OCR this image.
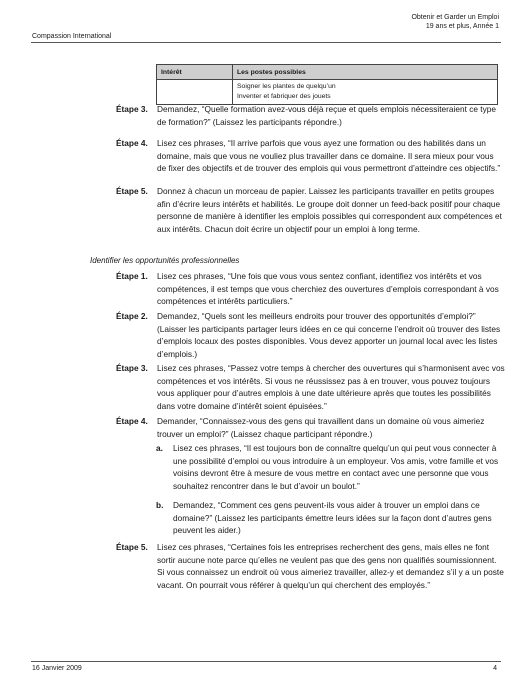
Compassion International
Obtenir et Garder un Emploi
19 ans et plus, Année 1
Intérêt	Les postes possibles

	Soigner les plantes de quelqu’un
Inventer et fabriquer des jouets
Étape 3. Demandez, “Quelle formation avez-vous déjà reçue et quels emplois nécessiteraient ce type de formation?” (Laissez les participants répondre.)
Étape 4. Lisez ces phrases, “Il arrive parfois que vous ayez une formation ou des habilités dans un domaine, mais que vous ne vouliez plus travailler dans ce domaine. Il sera mieux pour vous de fixer des objectifs et de trouver des emplois qui vous permettront d’atteindre ces objectifs.”
Étape 5. Donnez à chacun un morceau de papier. Laissez les participants travailler en petits groupes afin d’écrire leurs intérêts et habilités. Le groupe doit donner un feed-back positif pour chaque personne de manière à identifier les emplois possibles qui correspondent aux compétences et aux intérêts. Chacun doit écrire un objectif pour un emploi à long terme.
Identifier les opportunités professionnelles
Étape 1. Lisez ces phrases, “Une fois que vous vous sentez confiant, identifiez vos intérêts et vos compétences, il est temps que vous cherchiez des ouvertures d’emplois correspondant à vos compétences et intérêts particuliers.”
Étape 2. Demandez, “Quels sont les meilleurs endroits pour trouver des opportunités d’emploi?” (Laisser les participants partager leurs idées en ce qui concerne l’endroit où trouver des listes d’emplois locaux des postes disponibles. Vous devez apporter un journal local avec les listes d’emplois.)
Étape 3. Lisez ces phrases, “Passez votre temps à chercher des ouvertures qui s’harmonisent avec vos compétences et vos intérêts. Si vous ne réussissez pas à en trouver, vous pouvez toujours vous appliquer pour d’autres emplois à une date ultérieure après que toutes les possibilités dans votre domaine d’intérêt soient épuisées.”
Étape 4. Demander, “Connaissez-vous des gens qui travaillent dans un domaine où vous aimeriez trouver un emploi?” (Laissez chaque participant répondre.)
a. Lisez ces phrases, “Il est toujours bon de connaître quelqu’un qui peut vous connecter à une possibilité d’emploi ou vous introduire à un employeur. Vos amis, votre famille et vos voisins devront être à mesure de vous mettre en contact avec une personne que vous souhaitez rencontrer dans le but d’avoir un boulot.”
b. Demandez, “Comment ces gens peuvent-ils vous aider à trouver un emploi dans ce domaine?” (Laissez les participants émettre leurs idées sur la façon dont d’autres gens peuvent les aider.)
Étape 5. Lisez ces phrases, “Certaines fois les entreprises recherchent des gens, mais elles ne font sortir aucune note parce qu’elles ne veulent pas que des gens non qualifiés soumissionnent. Si vous connaissez un endroit où vous aimeriez travailler, allez-y et demandez s’il y a un poste vacant. On pourrait vous référer à quelqu’un qui cherchent des employés.”
16 Janvier 2009	4
